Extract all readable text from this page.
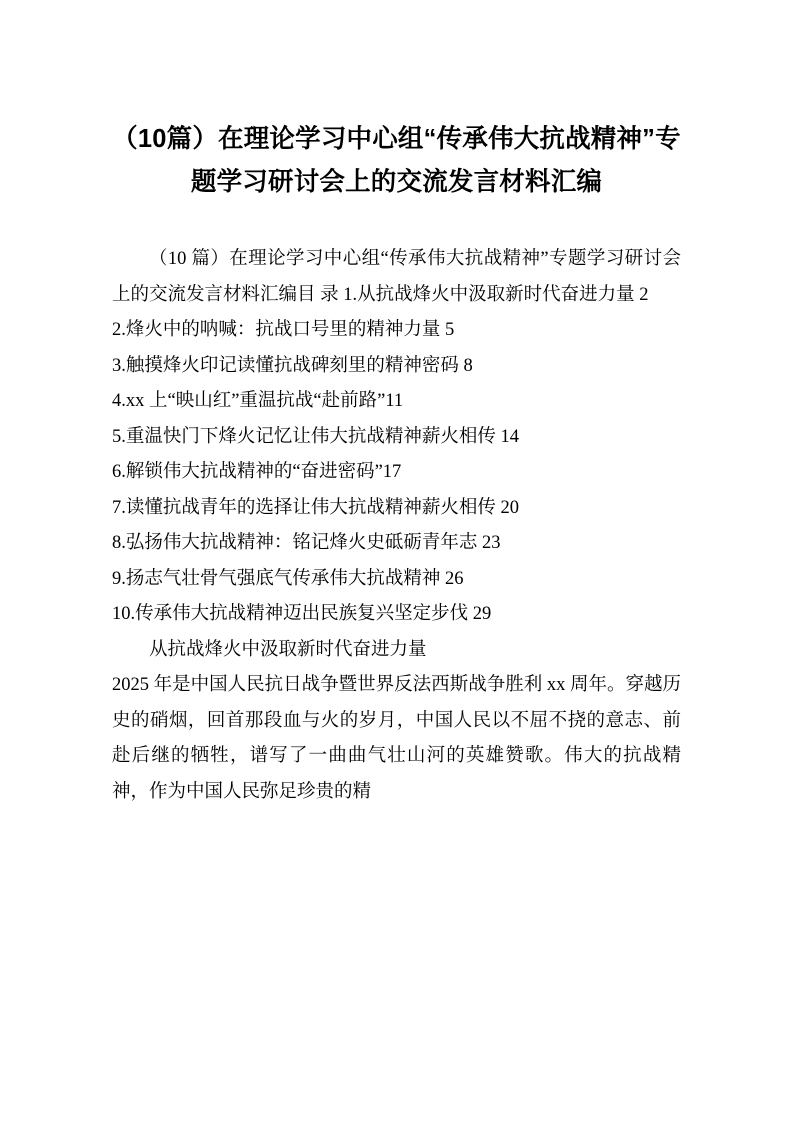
（10篇）在理论学习中心组“传承伟大抗战精神”专题学习研讨会上的交流发言材料汇编

（10 篇）在理论学习中心组“传承伟大抗战精神”专题学习研讨会上的交流发言材料汇编目 录 1.从抗战烽火中汲取新时代奋进力量 2

2.烽火中的呐喊：抗战口号里的精神力量 5

3.触摸烽火印记读懂抗战碑刻里的精神密码 8

4.xx 上“映山红”重温抗战“赴前路”11

5.重温快门下烽火记忆让伟大抗战精神薪火相传 14

6.解锁伟大抗战精神的“奋进密码”17

7.读懂抗战青年的选择让伟大抗战精神薪火相传 20

8.弘扬伟大抗战精神：铭记烽火史砥砺青年志 23

9.扬志气壮骨气强底气传承伟大抗战精神 26

10.传承伟大抗战精神迈出民族复兴坚定步伐 29

从抗战烽火中汲取新时代奋进力量

2025 年是中国人民抗日战争暨世界反法西斯战争胜利 xx 周年。穿越历史的硝烟，回首那段血与火的岁月，中国人民以不屈不挠的意志、前赴后继的牺牲，谱写了一曲曲气壮山河的英雄赞歌。伟大的抗战精神，作为中国人民弥足珍贵的精
